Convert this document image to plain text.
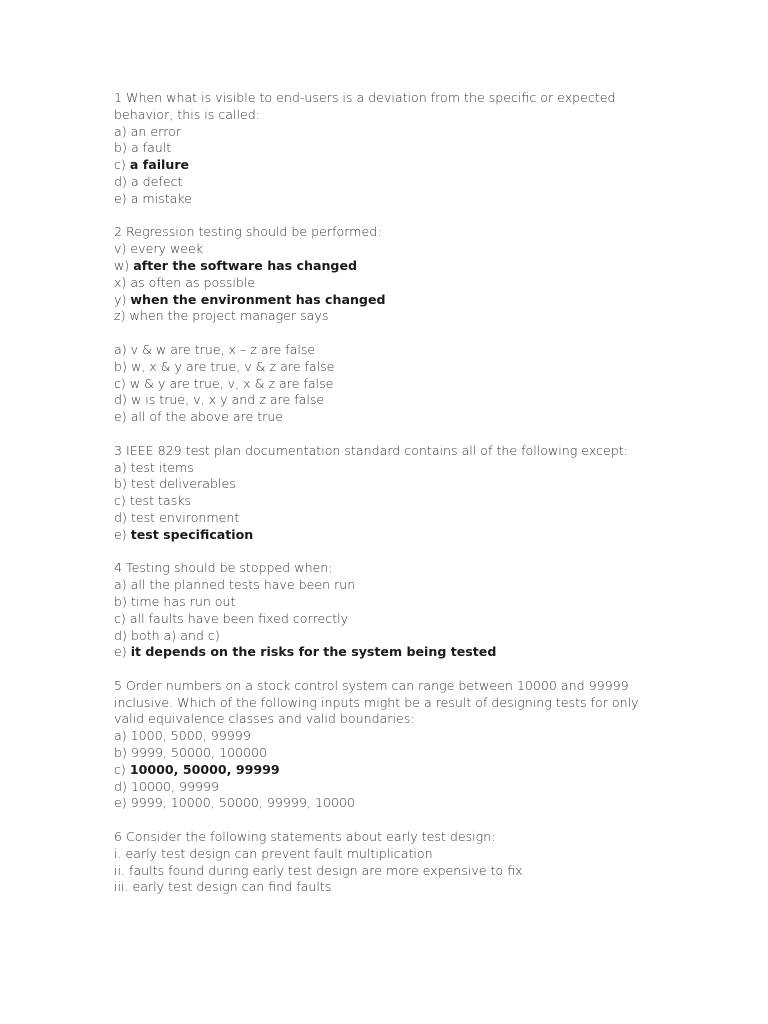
1 When what is visible to end-users is a deviation from the specific or expected behavior, this is called:
a) an error
b) a fault
c) a failure
d) a defect
e) a mistake
2 Regression testing should be performed:
v) every week
w) after the software has changed
x) as often as possible
y) when the environment has changed
z) when the project manager says
a) v & w are true, x – z are false
b) w, x & y are true, v & z are false
c) w & y are true, v, x & z are false
d) w is true, v, x y and z are false
e) all of the above are true
3 IEEE 829 test plan documentation standard contains all of the following except:
a) test items
b) test deliverables
c) test tasks
d) test environment
e) test specification
4 Testing should be stopped when:
a) all the planned tests have been run
b) time has run out
c) all faults have been fixed correctly
d) both a) and c)
e) it depends on the risks for the system being tested
5 Order numbers on a stock control system can range between 10000 and 99999 inclusive. Which of the following inputs might be a result of designing tests for only valid equivalence classes and valid boundaries:
a) 1000, 5000, 99999
b) 9999, 50000, 100000
c) 10000, 50000, 99999
d) 10000, 99999
e) 9999, 10000, 50000, 99999, 10000
6 Consider the following statements about early test design:
i. early test design can prevent fault multiplication
ii. faults found during early test design are more expensive to fix
iii. early test design can find faults
